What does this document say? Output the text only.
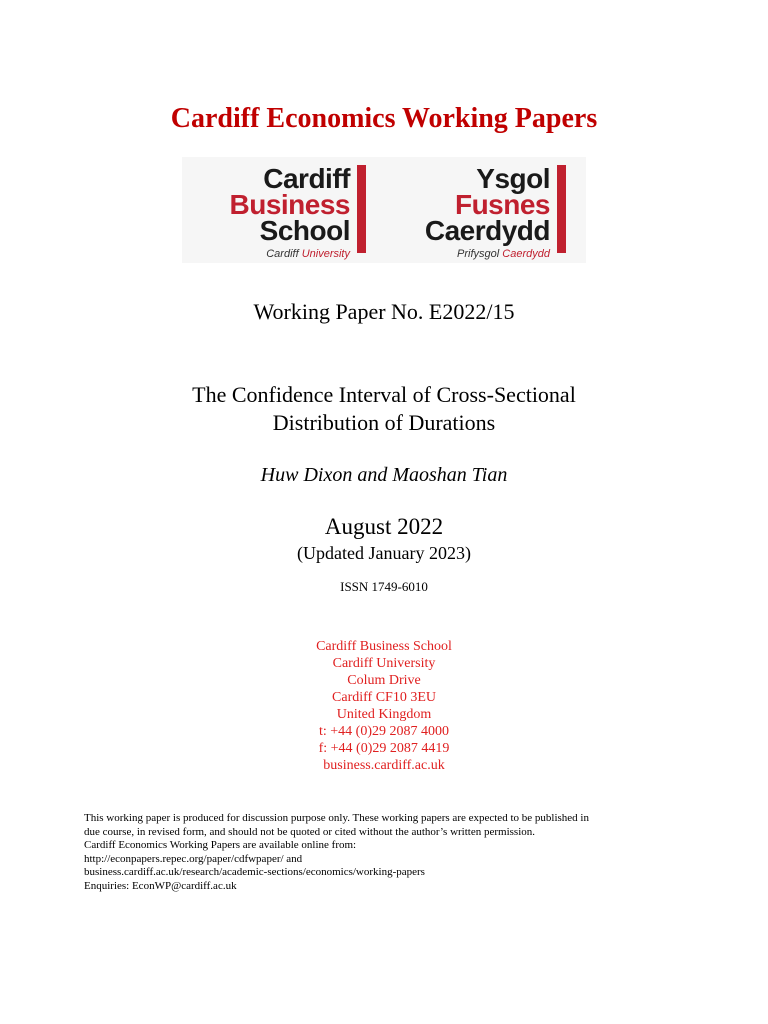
Cardiff Economics Working Papers
Cardiff
Business
School
Cardiff University
Ysgol
Fusnes
Caerdydd
Prifysgol Caerdydd
Working Paper No. E2022/15
The Confidence Interval of Cross-Sectional
Distribution of Durations
Huw Dixon and Maoshan Tian
August 2022
(Updated January 2023)
ISSN 1749-6010
Cardiff Business School
Cardiff University
Colum Drive
Cardiff CF10 3EU
United Kingdom
t: +44 (0)29 2087 4000
f: +44 (0)29 2087 4419
business.cardiff.ac.uk
This working paper is produced for discussion purpose only. These working papers are expected to be published in
due course, in revised form, and should not be quoted or cited without the author’s written permission.
Cardiff Economics Working Papers are available online from:
http://econpapers.repec.org/paper/cdfwpaper/ and
business.cardiff.ac.uk/research/academic-sections/economics/working-papers
Enquiries: EconWP@cardiff.ac.uk
